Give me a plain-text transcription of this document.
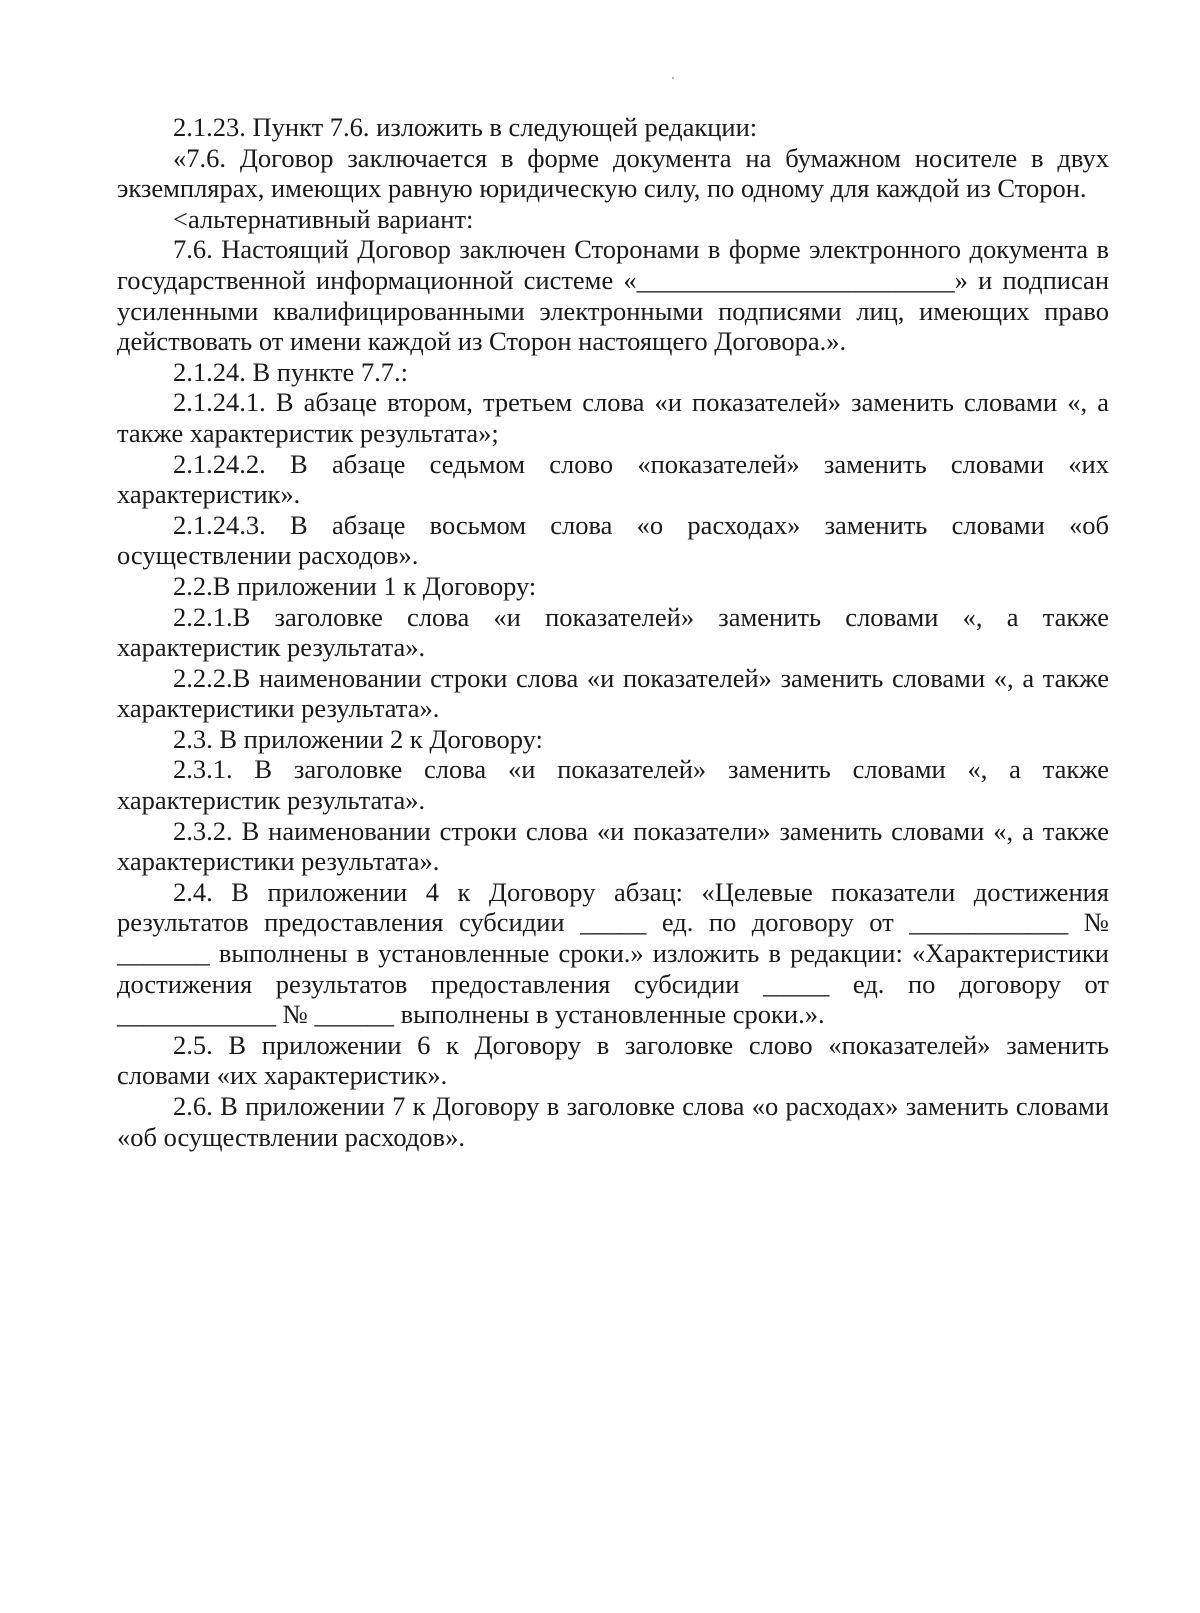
2.1.23. Пункт 7.6. изложить в следующей редакции:

«7.6. Договор заключается в форме документа на бумажном носителе в двух экземплярах, имеющих равную юридическую силу, по одному для каждой из Сторон.

<альтернативный вариант:

7.6. Настоящий Договор заключен Сторонами в форме электронного документа в государственной информационной системе «________________________» и подписан усиленными квалифицированными электронными подписями лиц, имеющих право действовать от имени каждой из Сторон настоящего Договора.».

2.1.24. В пункте 7.7.:

2.1.24.1. В абзаце втором, третьем слова «и показателей» заменить словами «, а также характеристик результата»;

2.1.24.2. В абзаце седьмом слово «показателей» заменить словами «их характеристик».

2.1.24.3. В абзаце восьмом слова «о расходах» заменить словами «об осуществлении расходов».

2.2.В приложении 1 к Договору:

2.2.1.В заголовке слова «и показателей» заменить словами «, а также характеристик результата».

2.2.2.В наименовании строки слова «и показателей» заменить словами «, а также характеристики результата».

2.3. В приложении 2 к Договору:

2.3.1. В заголовке слова «и показателей» заменить словами «, а также характеристик результата».

2.3.2. В наименовании строки слова «и показатели» заменить словами «, а также характеристики результата».

2.4. В приложении 4 к Договору абзац: «Целевые показатели достижения результатов предоставления субсидии _____ ед. по договору от ____________ № _______ выполнены в установленные сроки.» изложить в редакции: «Характеристики достижения результатов предоставления субсидии _____ ед. по договору от ____________ № ______ выполнены в установленные сроки.».

2.5. В приложении 6 к Договору в заголовке слово «показателей» заменить словами «их характеристик».

2.6. В приложении 7 к Договору в заголовке слова «о расходах» заменить словами «об осуществлении расходов».
